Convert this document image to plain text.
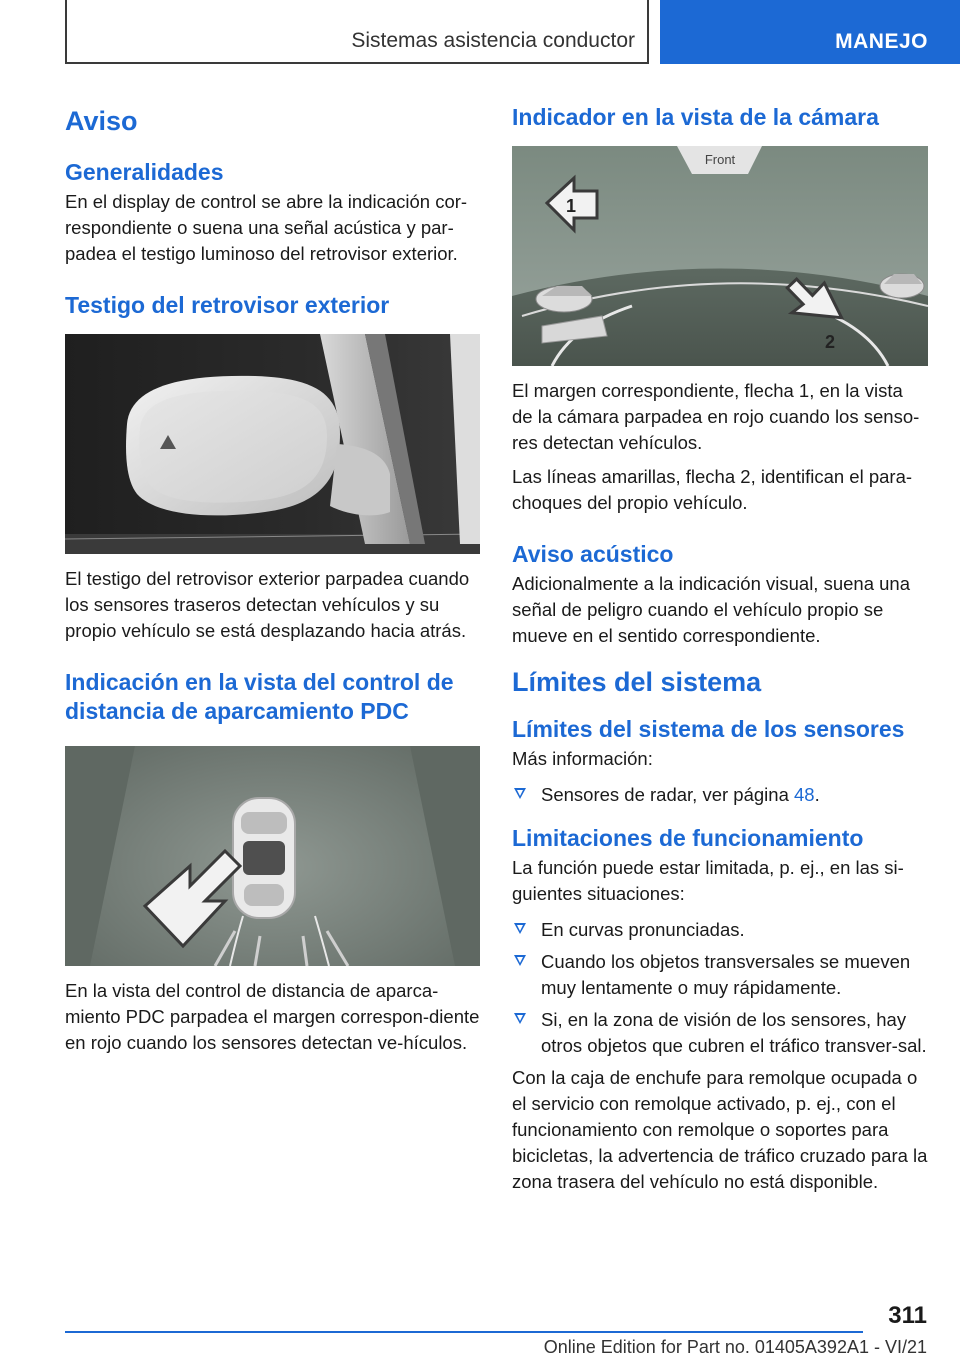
Sistemas asistencia conductor	MANEJO
Aviso
Generalidades

En el display de control se abre la indicación cor-respondiente o suena una señal acústica y par-padea el testigo luminoso del retrovisor exterior.

Testigo del retrovisor exterior

El testigo del retrovisor exterior parpadea cuando los sensores traseros detectan vehículos y su propio vehículo se está desplazando hacia atrás.

Indicación en la vista del control de distancia de aparcamiento PDC

En la vista del control de distancia de aparca-miento PDC parpadea el margen correspon-diente en rojo cuando los sensores detectan ve-hículos.

Indicador en la vista de la cámara
Front
1
2

El margen correspondiente, flecha 1, en la vista de la cámara parpadea en rojo cuando los senso-res detectan vehículos.

Las líneas amarillas, flecha 2, identifican el para-choques del propio vehículo.

Aviso acústico

Adicionalmente a la indicación visual, suena una señal de peligro cuando el vehículo propio se mueve en el sentido correspondiente.

Límites del sistema
Límites del sistema de los sensores

Más información:

Sensores de radar, ver página 48.
Limitaciones de funcionamiento

La función puede estar limitada, p. ej., en las si-guientes situaciones:

En curvas pronunciadas.
Cuando los objetos transversales se mueven muy lentamente o muy rápidamente.
Si, en la zona de visión de los sensores, hay otros objetos que cubren el tráfico transver-sal.

Con la caja de enchufe para remolque ocupada o el servicio con remolque activado, p. ej., con el funcionamiento con remolque o soportes para bicicletas, la advertencia de tráfico cruzado para la zona trasera del vehículo no está disponible.

311
Online Edition for Part no. 01405A392A1 - VI/21
